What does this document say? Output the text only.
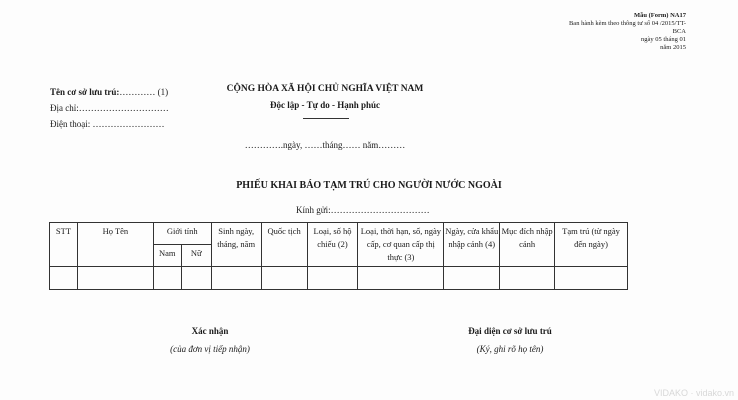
Mẫu (Form) NA17
Ban hành kèm theo thông tư số 04 /2015/TT-
BCA
ngày 05 tháng 01
năm 2015
Tên cơ sở lưu trú:………… (1)
Địa chỉ:…………………………
Điện thoại: ……………………
CỘNG HÒA XÃ HỘI CHỦ NGHĨA VIỆT NAM
Độc lập - Tự do - Hạnh phúc
………….ngày, ……tháng…… năm………
PHIẾU KHAI BÁO TẠM TRÚ CHO NGƯỜI NƯỚC NGOÀI
Kính gửi:……………………………
STT	Họ Tên	Giới tính		Sinh ngày, tháng, năm	Quốc tịch	Loại, số hộ chiếu (2)	Loại, thời hạn, số, ngày cấp, cơ quan cấp thị thực (3)	Ngày, cửa khẩu nhập cảnh (4)	Mục đích nhập cảnh	Tạm trú (từ ngày đến ngày)
		Nam	Nữ							

Xác nhận
(của đơn vị tiếp nhận)
Đại diện cơ sở lưu trú
(Ký, ghi rõ họ tên)
VIDAKO · vidako.vn
